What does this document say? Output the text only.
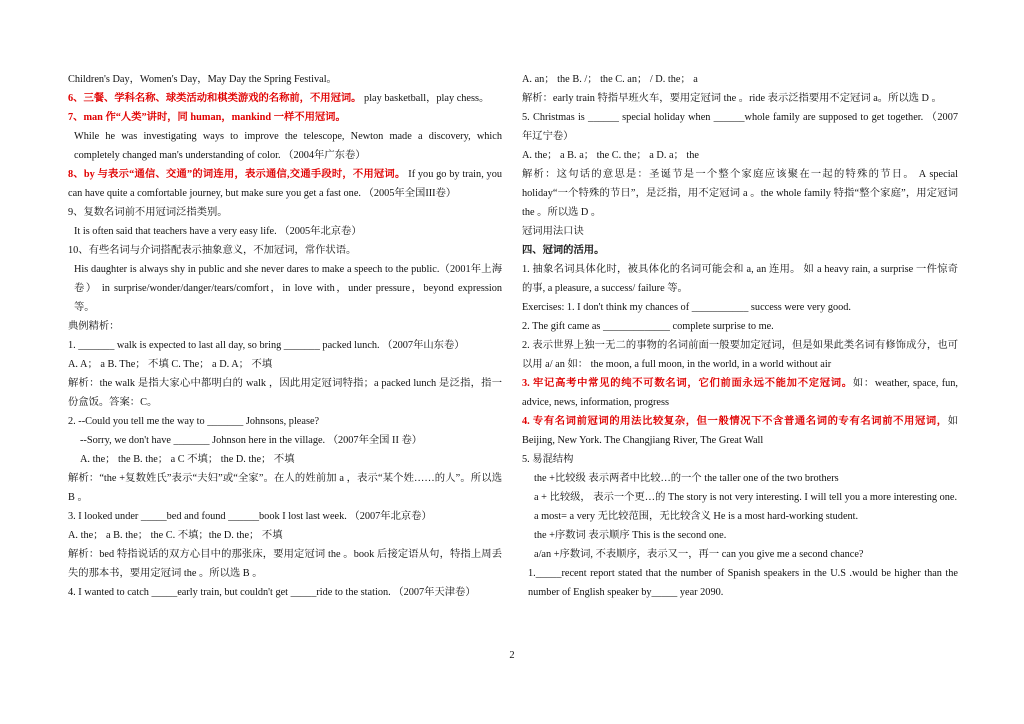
Children's Day，Women's Day，May Day the Spring Festival。

6、三餐、学科名称、球类活动和棋类游戏的名称前，不用冠词。 play basketball，play chess。

7、man 作“人类”讲时，同 human，mankind 一样不用冠词。

While he was investigating ways to improve the telescope, Newton made a discovery, which completely changed man's understanding of color. （2004年广东卷）

8、by 与表示“通信、交通”的词连用，表示通信,交通手段时，不用冠词。 If you go by train, you can have quite a comfortable journey, but make sure you get a fast one. （2005年全国III卷）

9、复数名词前不用冠词泛指类别。

It is often said that teachers have a very easy life. （2005年北京卷）

10、有些名词与介词搭配表示抽象意义，不加冠词，常作状语。

His daughter is always shy in public and she never dares to make a speech to the public.（2001年上海卷） in surprise/wonder/danger/tears/comfort，in love with，under pressure，beyond expression 等。

典例精析：

1. _______ walk is expected to last all day, so bring _______ packed lunch. （2007年山东卷）

A. A； a B. The； 不填 C. The； a D. A； 不填

解析：the walk 是指大家心中都明白的 walk ，因此用定冠词特指；a packed lunch 是泛指，指一份盒饭。答案：C。

2. --Could you tell me the way to _______ Johnsons, please?

--Sorry, we don't have _______ Johnson here in the village. （2007年全国 II 卷）

A. the； the B. the； a C 不填； the D. the； 不填

解析：“the +复数姓氏”表示“夫妇”或“全家”。在人的姓前加 a ，表示“某个姓……的人”。所以选 B 。

3. I looked under _____bed and found ______book I lost last week. （2007年北京卷）

A. the； a B. the； the C. 不填；the D. the； 不填

解析：bed 特指说话的双方心目中的那张床，要用定冠词 the 。book 后接定语从句，特指上周丢失的那本书，要用定冠词 the 。所以选 B 。

4. I wanted to catch _____early train, but couldn't get _____ride to the station. （2007年天津卷）

A. an； the B. /； the C. an； / D. the； a

解析：early train 特指早班火车，要用定冠词 the 。ride 表示泛指要用不定冠词 a。所以选 D 。

5. Christmas is ______ special holiday when ______whole family are supposed to get together. （2007年辽宁卷）

A. the； a B. a； the C. the； a D. a； the

解析：这句话的意思是：圣诞节是一个整个家庭应该聚在一起的特殊的节日。 A special holiday“一个特殊的节日”，是泛指，用不定冠词 a 。the whole family 特指“整个家庭”，用定冠词 the 。所以选 D 。

冠词用法口诀

四、冠词的活用。

1. 抽象名词具体化时，被具体化的名词可能会和 a, an 连用。 如 a heavy rain, a surprise 一件惊奇的事, a pleasure, a success/ failure 等。

Exercises: 1. I don't think my chances of ___________ success were very good.

2. The gift came as _____________ complete surprise to me.

2. 表示世界上独一无二的事物的名词前面一般要加定冠词，但是如果此类名词有修饰成分，也可以用 a/ an 如： the moon, a full moon, in the world, in a world without air

3. 牢记高考中常见的纯不可数名词，它们前面永远不能加不定冠词。如：weather, space, fun, advice, news, information, progress

4. 专有名词前冠词的用法比较复杂，但一般情况下不含普通名词的专有名词前不用冠词，如 Beijing, New York. The Changjiang River, The Great Wall

5. 易混结构

the +比较级 表示两者中比较…的一个 the taller one of the two brothers

a + 比较级， 表示一个更…的 The story is not very interesting. I will tell you a more interesting one.

a most= a very 无比较范围，无比较含义 He is a most hard-working student.

the +序数词 表示顺序 This is the second one.

a/an +序数词, 不表顺序，表示又一，再一 can you give me a second chance?

1._____recent report stated that the number of Spanish speakers in the U.S .would be higher than the number of English speaker by_____ year 2090.

2
